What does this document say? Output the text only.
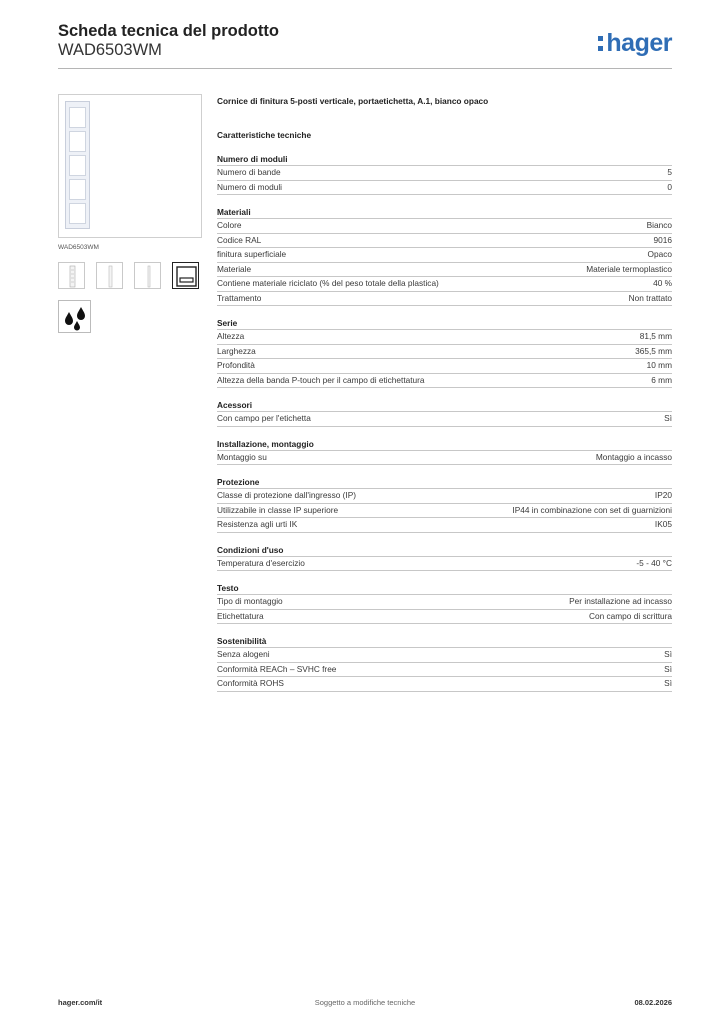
Scheda tecnica del prodotto
WAD6503WM	hager
WAD6503WM
Cornice di finitura 5-posti verticale, portaetichetta, A.1, bianco opaco
Caratteristiche tecniche
Numero di moduli
Numero di bande	5
Numero di moduli	0
Materiali
Colore	Bianco
Codice RAL	9016
finitura superficiale	Opaco
Materiale	Materiale termoplastico
Contiene materiale riciclato (% del peso totale della plastica)	40 %
Trattamento	Non trattato
Serie
Altezza	81,5 mm
Larghezza	365,5 mm
Profondità	10 mm
Altezza della banda P-touch per il campo di etichettatura	6 mm
Acessori
Con campo per l'etichetta	Sì
Installazione, montaggio
Montaggio su	Montaggio a incasso
Protezione
Classe di protezione dall'ingresso (IP)	IP20
Utilizzabile in classe IP superiore	IP44 in combinazione con set di guarnizioni
Resistenza agli urti IK	IK05
Condizioni d'uso
Temperatura d'esercizio	-5 - 40 °C
Testo
Tipo di montaggio	Per installazione ad incasso
Etichettatura	Con campo di scrittura
Sostenibilità
Senza alogeni	Sì
Conformità REACh – SVHC free	Sì
Conformità ROHS	Sì
hager.com/it	Soggetto a modifiche tecniche	08.02.2026
